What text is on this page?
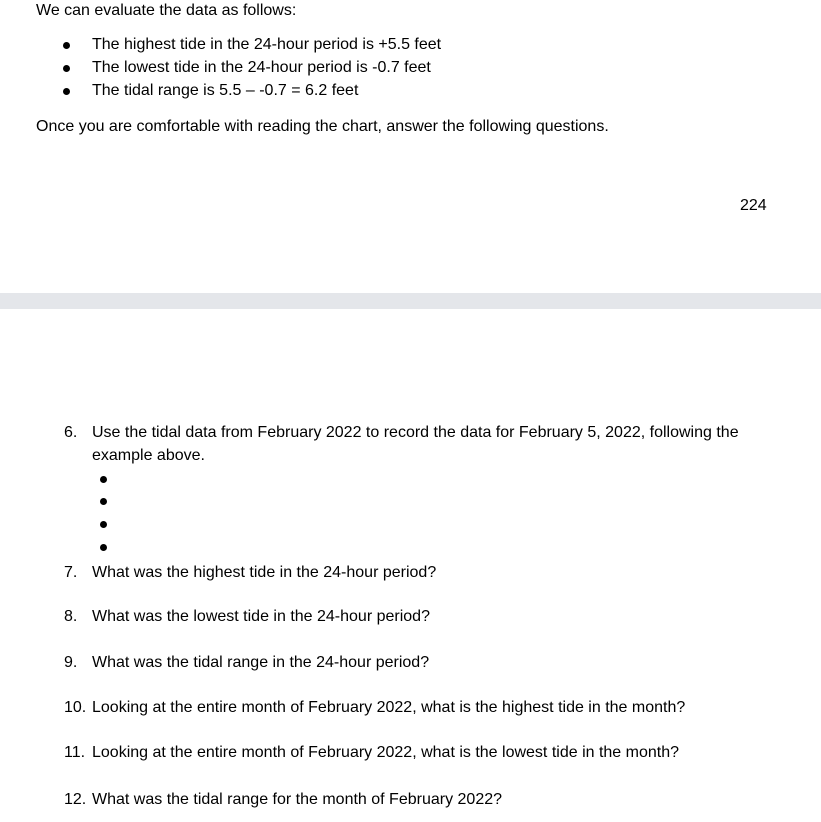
We can evaluate the data as follows:
The highest tide in the 24-hour period is +5.5 feet
The lowest tide in the 24-hour period is -0.7 feet
The tidal range is 5.5 – -0.7 = 6.2 feet
Once you are comfortable with reading the chart, answer the following questions.
224
6. Use the tidal data from February 2022 to record the data for February 5, 2022, following the
example above.
7. What was the highest tide in the 24-hour period?
8. What was the lowest tide in the 24-hour period?
9. What was the tidal range in the 24-hour period?
10. Looking at the entire month of February 2022, what is the highest tide in the month?
11. Looking at the entire month of February 2022, what is the lowest tide in the month?
12. What was the tidal range for the month of February 2022?
